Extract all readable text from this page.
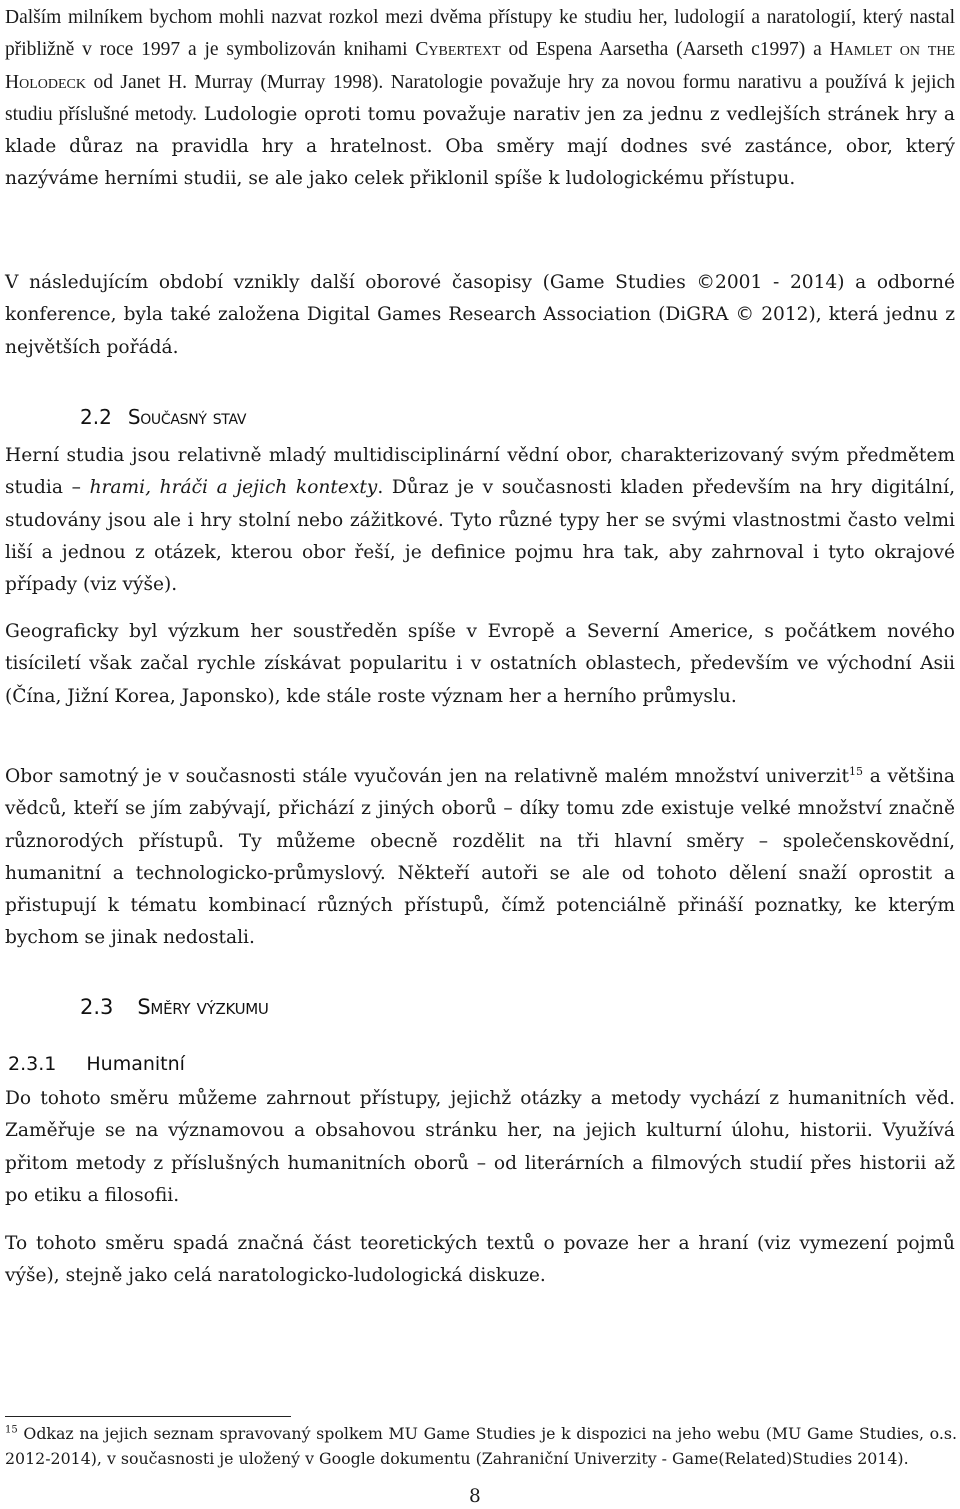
Dalším milníkem bychom mohli nazvat rozkol mezi dvěma přístupy ke studiu her, ludologií a naratologií, který nastal přibližně v roce 1997 a je symbolizován knihami Cybertext od Espena Aarsetha (Aarseth c1997) a Hamlet on the Holodeck od Janet H. Murray (Murray 1998). Naratologie považuje hry za novou formu narativu a používá k jejich studiu příslušné metody. Ludologie oproti tomu považuje narativ jen za jednu z vedlejších stránek hry a klade důraz na pravidla hry a hratelnost. Oba směry mají dodnes své zastánce, obor, který nazýváme herními studii, se ale jako celek přiklonil spíše k ludologickému přístupu.

V následujícím období vznikly další oborové časopisy (Game Studies ©2001 - 2014) a odborné konference, byla také založena Digital Games Research Association (DiGRA © 2012), která jednu z největších pořádá.

2.2 Současný stav

Herní studia jsou relativně mladý multidisciplinární vědní obor, charakterizovaný svým předmětem studia – hrami, hráči a jejich kontexty. Důraz je v současnosti kladen především na hry digitální, studovány jsou ale i hry stolní nebo zážitkové. Tyto různé typy her se svými vlastnostmi často velmi liší a jednou z otázek, kterou obor řeší, je definice pojmu hra tak, aby zahrnoval i tyto okrajové případy (viz výše).

Geograficky byl výzkum her soustředěn spíše v Evropě a Severní Americe, s počátkem nového tisíciletí však začal rychle získávat popularitu i v ostatních oblastech, především ve východní Asii (Čína, Jižní Korea, Japonsko), kde stále roste význam her a herního průmyslu.

Obor samotný je v současnosti stále vyučován jen na relativně malém množství univerzit$^{15}$ a většina vědců, kteří se jím zabývají, přichází z jiných oborů – díky tomu zde existuje velké množství značně různorodých přístupů. Ty můžeme obecně rozdělit na tři hlavní směry – společenskovědní, humanitní a technologicko-průmyslový. Někteří autoři se ale od tohoto dělení snaží oprostit a přistupují k tématu kombinací různých přístupů, čímž potenciálně přináší poznatky, ke kterým bychom se jinak nedostali.

2.3 Směry výzkumu
2.3.1 Humanitní

Do tohoto směru můžeme zahrnout přístupy, jejichž otázky a metody vychází z humanitních věd. Zaměřuje se na významovou a obsahovou stránku her, na jejich kulturní úlohu, historii. Využívá přitom metody z příslušných humanitních oborů – od literárních a filmových studií přes historii až po etiku a filosofii.

To tohoto směru spadá značná část teoretických textů o povaze her a hraní (viz vymezení pojmů výše), stejně jako celá naratologicko-ludologická diskuze.

$^{15}$ Odkaz na jejich seznam spravovaný spolkem MU Game Studies je k dispozici na jeho webu (MU Game Studies, o.s. 2012-2014), v současnosti je uložený v Google dokumentu (Zahraniční Univerzity - Game(Related)Studies 2014).
8
